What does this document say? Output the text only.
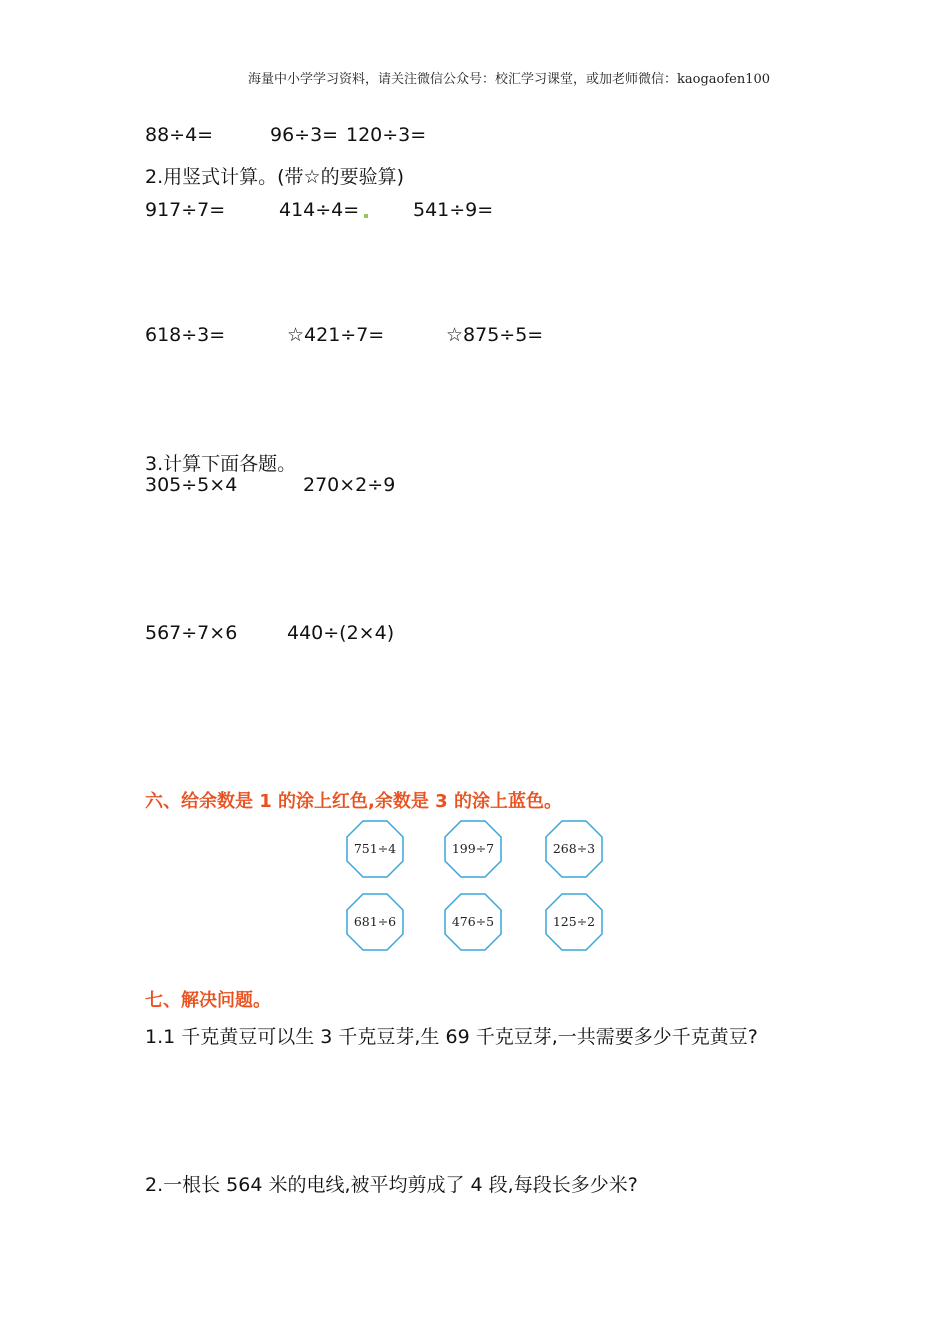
海量中小学学习资料，请关注微信公众号：校汇学习课堂，或加老师微信：kaogaofen100
88÷4=	96÷3= 120÷3=
2.用竖式计算。(带☆的要验算)
917÷7=	414÷4=	541÷9=
618÷3=	☆421÷7=	☆875÷5=
3.计算下面各题。
305÷5×4	270×2÷9
567÷7×6	440÷(2×4)
六、给余数是 1 的涂上红色,余数是 3 的涂上蓝色。
751÷4	199÷7	268÷3
681÷6	476÷5	125÷2
七、解决问题。
1.1 千克黄豆可以生 3 千克豆芽,生 69 千克豆芽,一共需要多少千克黄豆?
2.一根长 564 米的电线,被平均剪成了 4 段,每段长多少米?
